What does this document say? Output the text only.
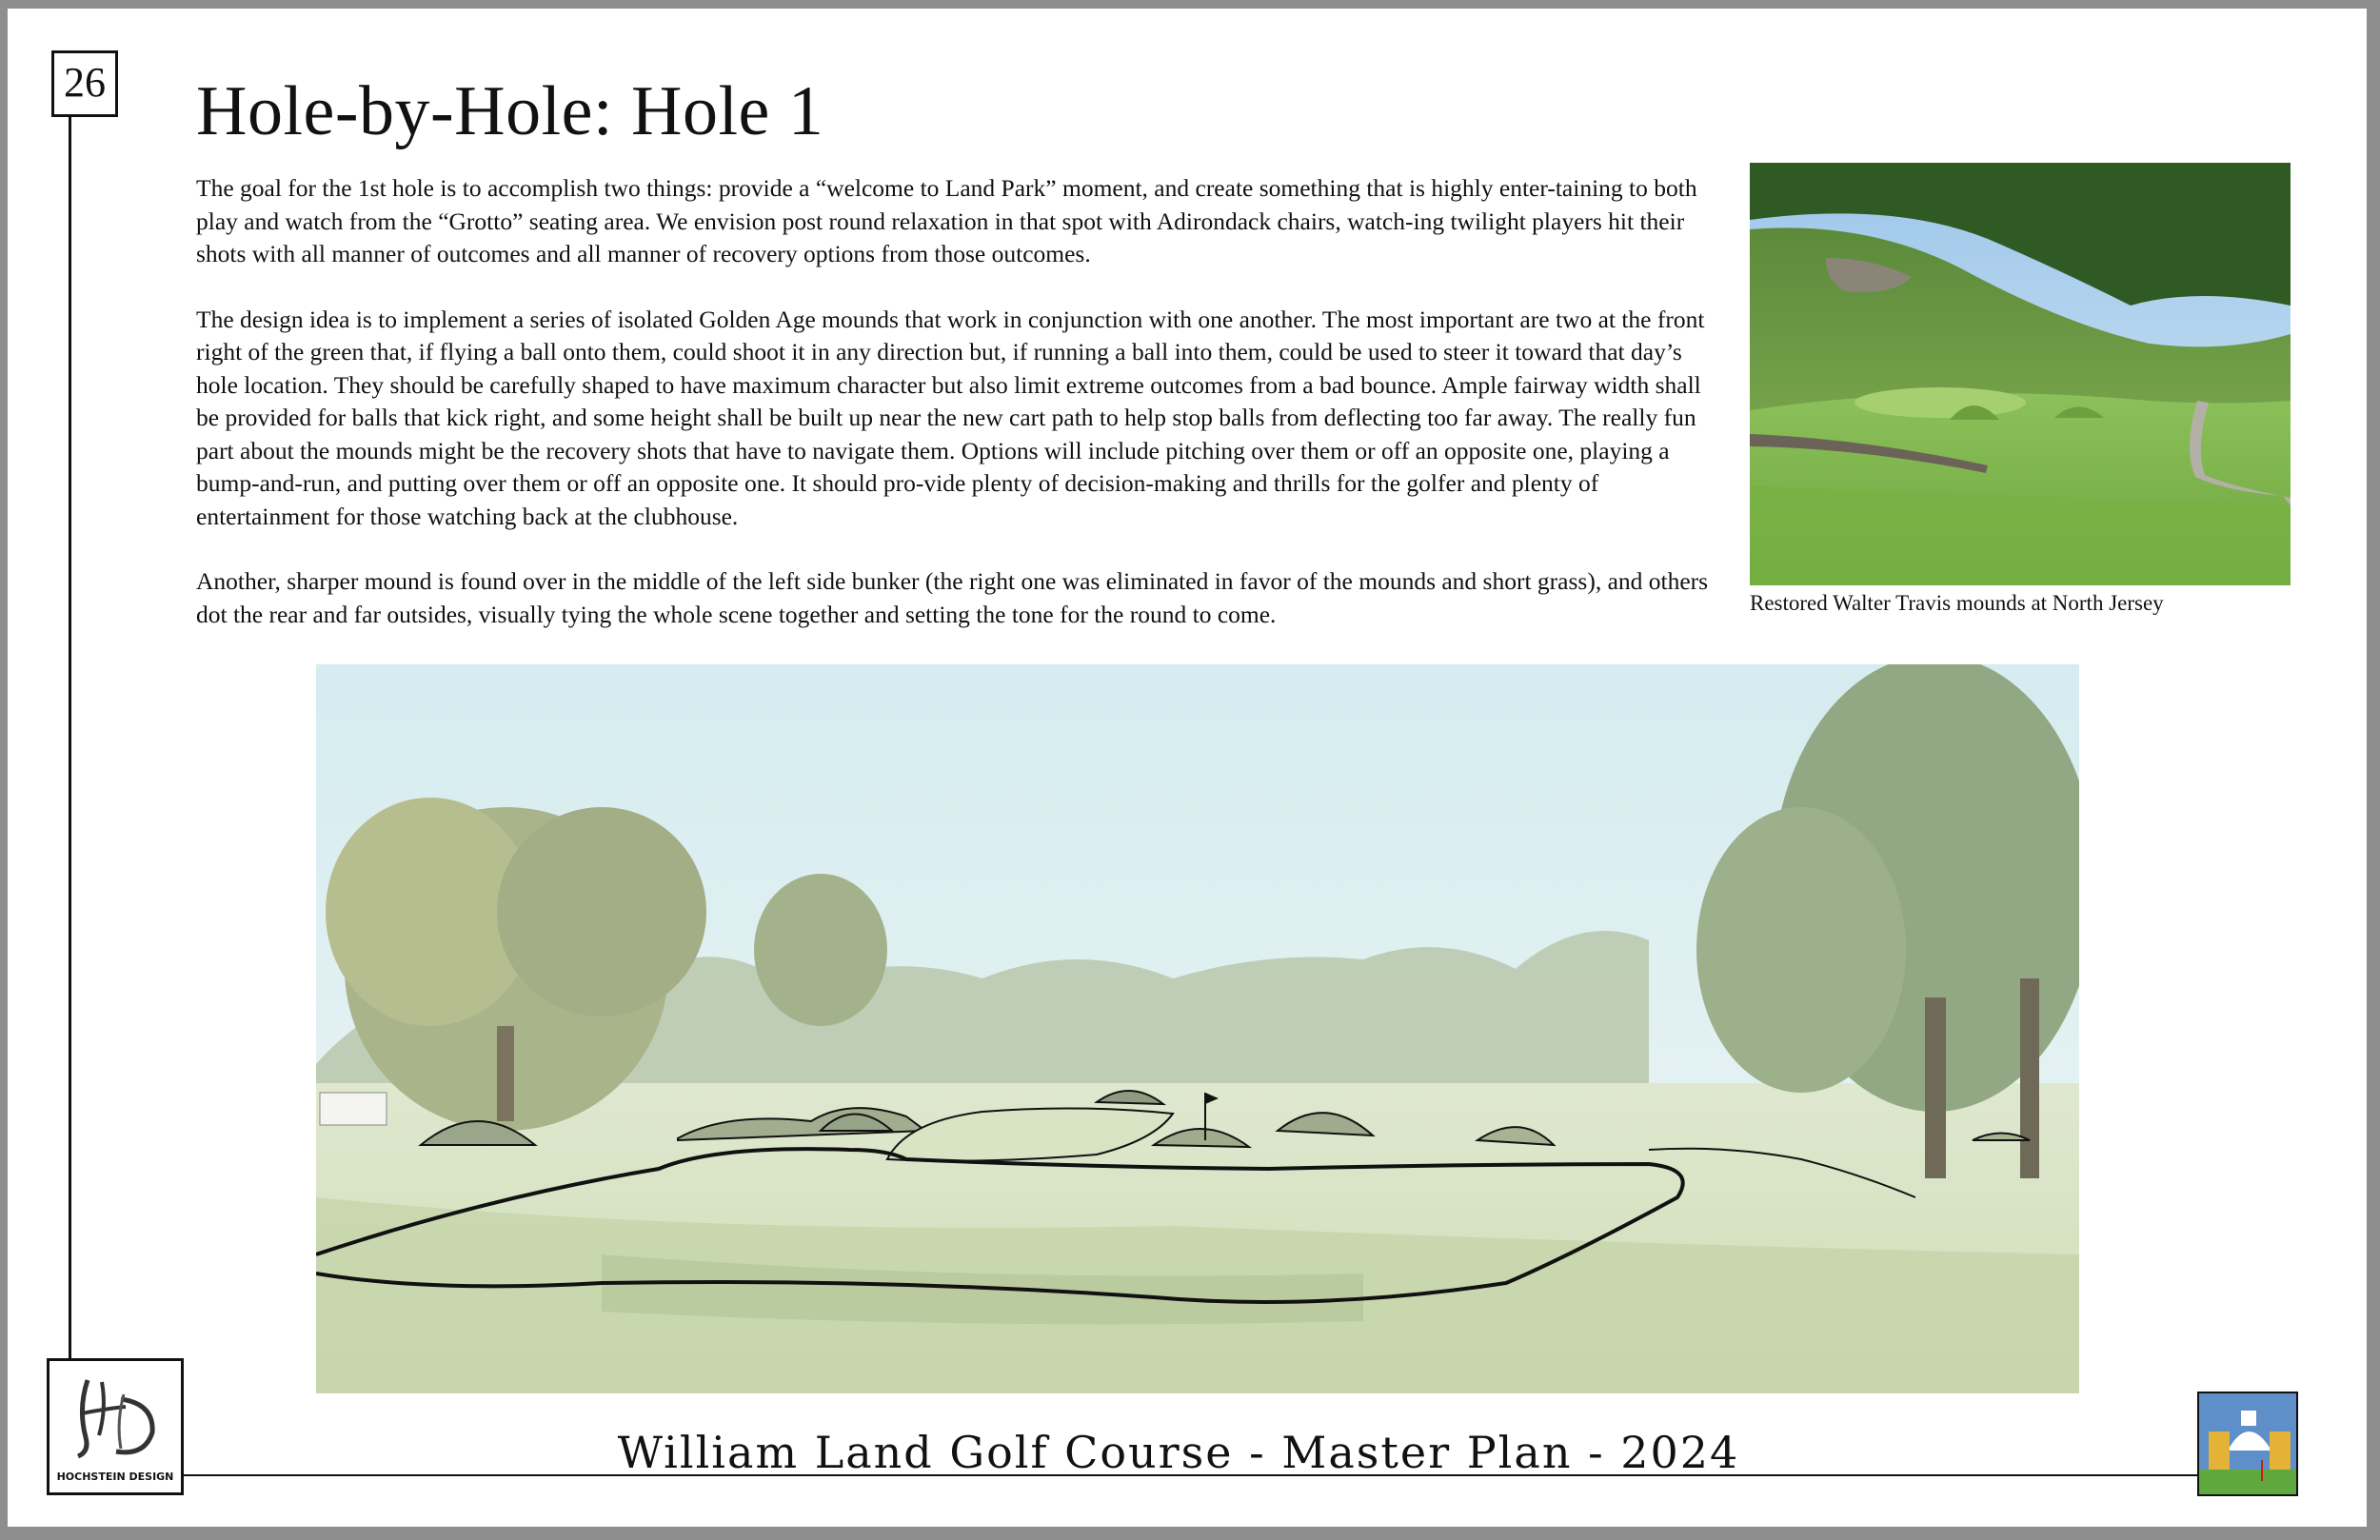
26 Hole-by-Hole: Hole 1

The goal for the 1st hole is to accomplish two things: provide a “welcome to Land Park” moment, and create something that is highly enter-taining to both play and watch from the “Grotto” seating area. We envision post round relaxation in that spot with Adirondack chairs, watch-ing twilight players hit their shots with all manner of outcomes and all manner of recovery options from those outcomes.

The design idea is to implement a series of isolated Golden Age mounds that work in conjunction with one another. The most important are two at the front right of the green that, if flying a ball onto them, could shoot it in any direction but, if running a ball into them, could be used to steer it toward that day’s hole location. They should be carefully shaped to have maximum character but also limit extreme outcomes from a bad bounce. Ample fairway width shall be provided for balls that kick right, and some height shall be built up near the new cart path to help stop balls from deflecting too far away. The really fun part about the mounds might be the recovery shots that have to navigate them. Options will include pitching over them or off an opposite one, playing a bump-and-run, and putting over them or off an opposite one. It should pro-vide plenty of decision-making and thrills for the golfer and plenty of entertainment for those watching back at the clubhouse.

Another, sharper mound is found over in the middle of the left side bunker (the right one was eliminated in favor of the mounds and short grass), and others dot the rear and far outsides, visually tying the whole scene together and setting the tone for the round to come.	Restored Walter Travis mounds at North Jersey
William Land Golf Course - Master Plan - 2024
HOCHSTEIN DESIGN
